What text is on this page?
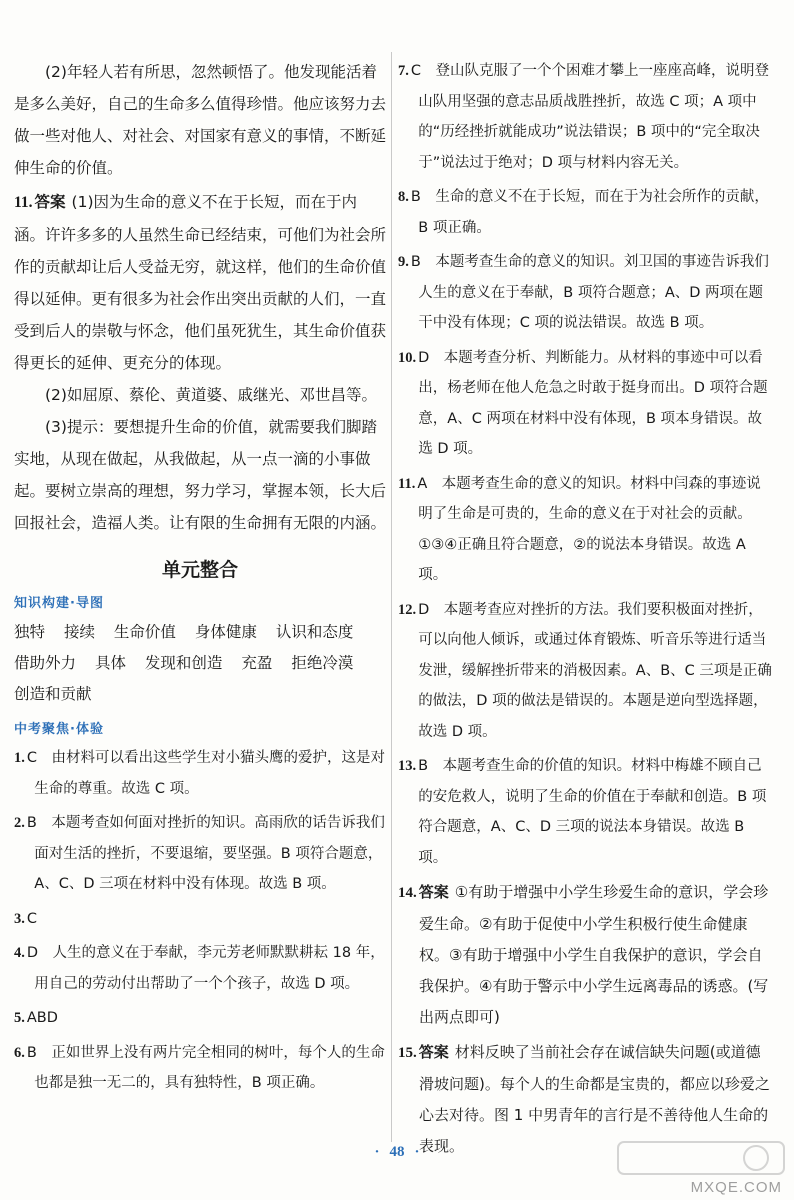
(2)年轻人若有所思，忽然顿悟了。他发现能活着是多么美好，自己的生命多么值得珍惜。他应该努力去做一些对他人、对社会、对国家有意义的事情，不断延伸生命的价值。

11. 答案 (1)因为生命的意义不在于长短，而在于内涵。许许多多的人虽然生命已经结束，可他们为社会所作的贡献却让后人受益无穷，就这样，他们的生命价值得以延伸。更有很多为社会作出突出贡献的人们，一直受到后人的崇敬与怀念，他们虽死犹生，其生命价值获得更长的延伸、更充分的体现。

(2)如屈原、蔡伦、黄道婆、戚继光、邓世昌等。

(3)提示：要想提升生命的价值，就需要我们脚踏实地，从现在做起，从我做起，从一点一滴的小事做起。要树立崇高的理想，努力学习，掌握本领，长大后回报社会，造福人类。让有限的生命拥有无限的内涵。

单元整合
知识构建·导图
独特 接续 生命价值 身体健康 认识和态度
借助外力 具体 发现和创造 充盈 拒绝冷漠
创造和贡献
中考聚焦·体验

1. C　由材料可以看出这些学生对小猫头鹰的爱护，这是对生命的尊重。故选 C 项。

2. B　本题考查如何面对挫折的知识。高雨欣的话告诉我们面对生活的挫折，不要退缩，要坚强。B 项符合题意，A、C、D 三项在材料中没有体现。故选 B 项。

3. C

4. D　人生的意义在于奉献，李元芳老师默默耕耘 18 年，用自己的劳动付出帮助了一个个孩子，故选 D 项。

5. ABD

6. B　正如世界上没有两片完全相同的树叶，每个人的生命也都是独一无二的，具有独特性，B 项正确。

7. C　登山队克服了一个个困难才攀上一座座高峰，说明登山队用坚强的意志品质战胜挫折，故选 C 项；A 项中的“历经挫折就能成功”说法错误；B 项中的“完全取决于”说法过于绝对；D 项与材料内容无关。

8. B　生命的意义不在于长短，而在于为社会所作的贡献，B 项正确。

9. B　本题考查生命的意义的知识。刘卫国的事迹告诉我们人生的意义在于奉献，B 项符合题意；A、D 两项在题干中没有体现；C 项的说法错误。故选 B 项。

10. D　本题考查分析、判断能力。从材料的事迹中可以看出，杨老师在他人危急之时敢于挺身而出。D 项符合题意，A、C 两项在材料中没有体现，B 项本身错误。故选 D 项。

11. A　本题考查生命的意义的知识。材料中闫森的事迹说明了生命是可贵的，生命的意义在于对社会的贡献。①③④正确且符合题意，②的说法本身错误。故选 A 项。

12. D　本题考查应对挫折的方法。我们要积极面对挫折，可以向他人倾诉，或通过体育锻炼、听音乐等进行适当发泄，缓解挫折带来的消极因素。A、B、C 三项是正确的做法，D 项的做法是错误的。本题是逆向型选择题，故选 D 项。

13. B　本题考查生命的价值的知识。材料中梅雄不顾自己的安危救人，说明了生命的价值在于奉献和创造。B 项符合题意，A、C、D 三项的说法本身错误。故选 B 项。

14. 答案 ①有助于增强中小学生珍爱生命的意识，学会珍爱生命。②有助于促使中小学生积极行使生命健康权。③有助于增强中小学生自我保护的意识，学会自我保护。④有助于警示中小学生远离毒品的诱惑。(写出两点即可)

15. 答案 材料反映了当前社会存在诚信缺失问题(或道德滑坡问题)。每个人的生命都是宝贵的，都应以珍爱之心去对待。图 1 中男青年的言行是不善待他人生命的表现。

· 48 ·
MXQE.COM
